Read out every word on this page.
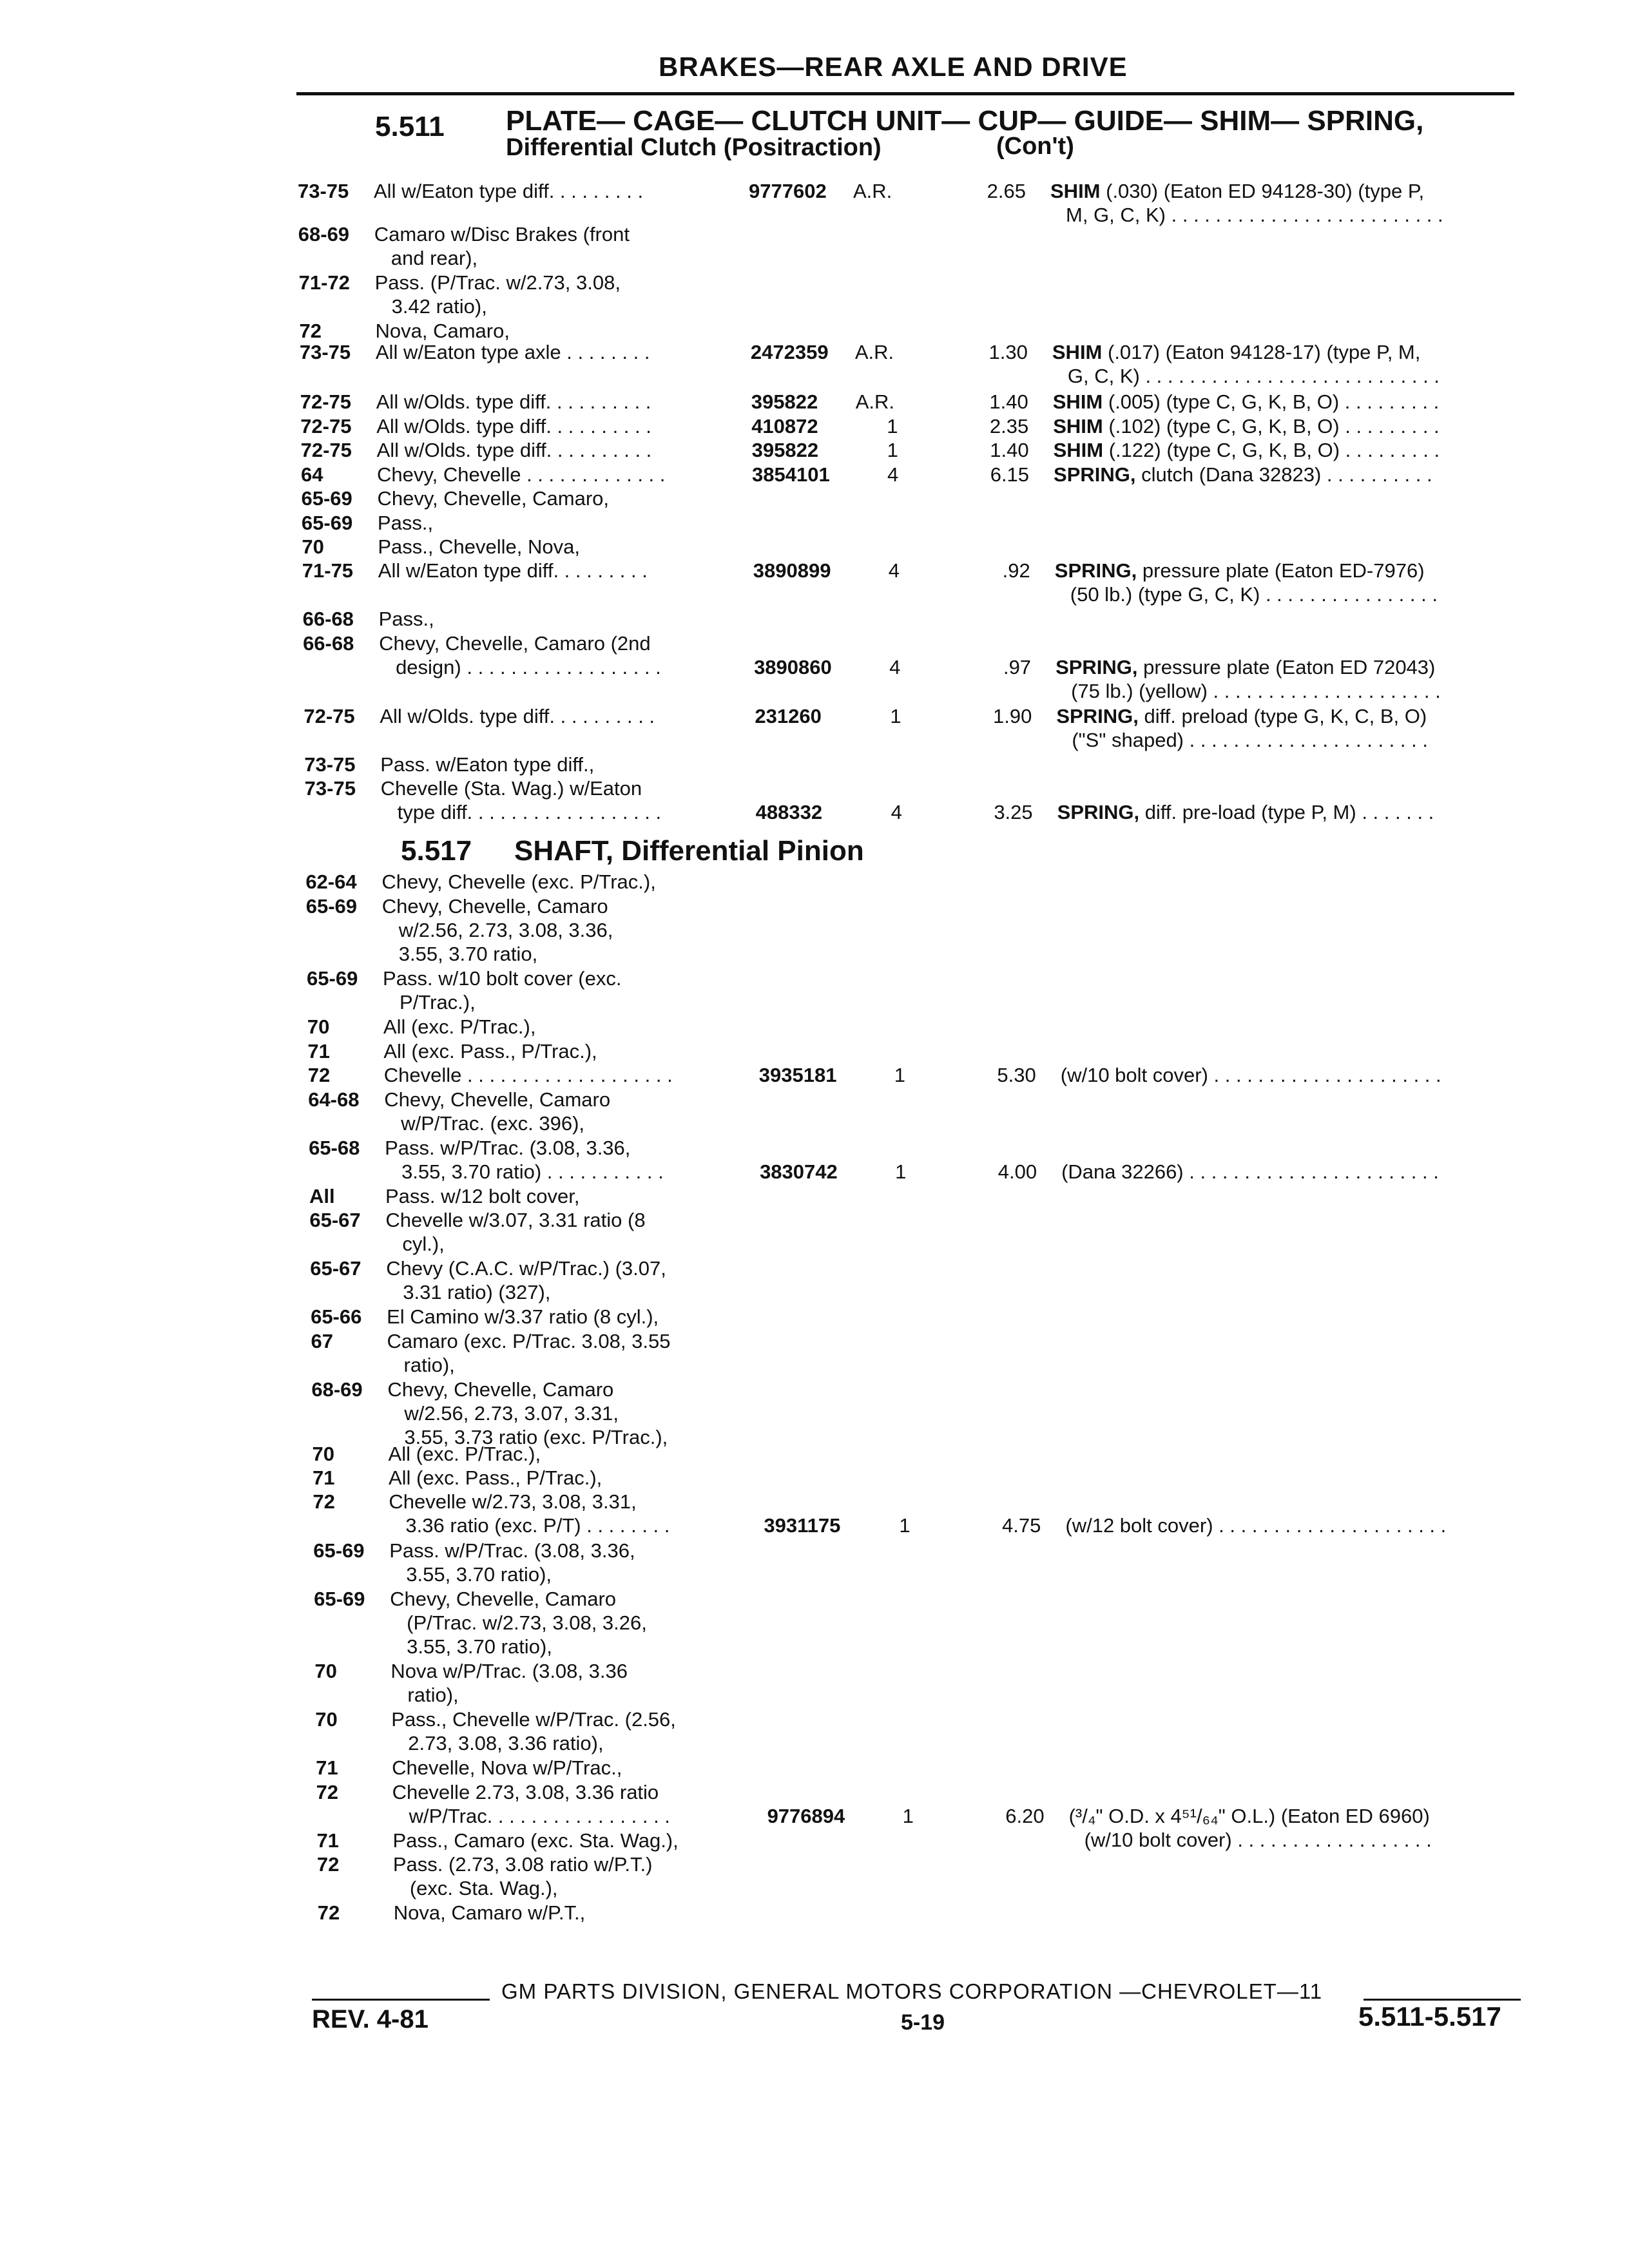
BRAKES—REAR AXLE AND DRIVE
5.511 PLATE— CAGE— CLUTCH UNIT— CUP— GUIDE— SHIM— SPRING,
Differential Clutch (Positraction)	(Con't)
5.517 SHAFT, Differential Pinion
73-75 All w/Eaton type diff. . . . . . . . .	9777602 A.R.	2.65 SHIM (.030) (Eaton ED 94128-30) (type P,
M, G, C, K) . . . . . . . . . . . . . . . . . . . . . . . . .
68-69 Camaro w/Disc Brakes (front
and rear),
71-72 Pass. (P/Trac. w/2.73, 3.08,
3.42 ratio),
72	Nova, Camaro,
73-75 All w/Eaton type axle . . . . . . . .	2472359 A.R.	1.30 SHIM (.017) (Eaton 94128-17) (type P, M,
G, C, K) . . . . . . . . . . . . . . . . . . . . . . . . . . .
72-75 All w/Olds. type diff. . . . . . . . . .	395822 A.R.	1.40 SHIM (.005) (type C, G, K, B, O) . . . . . . . . .
72-75 All w/Olds. type diff. . . . . . . . . .	410872	1	2.35 SHIM (.102) (type C, G, K, B, O) . . . . . . . . .
72-75 All w/Olds. type diff. . . . . . . . . .	395822	1	1.40 SHIM (.122) (type C, G, K, B, O) . . . . . . . . .
64	Chevy, Chevelle . . . . . . . . . . . . .	3854101	4	6.15 SPRING, clutch (Dana 32823) . . . . . . . . . .
65-69 Chevy, Chevelle, Camaro,
65-69 Pass.,
70	Pass., Chevelle, Nova,
71-75 All w/Eaton type diff. . . . . . . . .	3890899	4	.92 SPRING, pressure plate (Eaton ED-7976)
(50 lb.) (type G, C, K) . . . . . . . . . . . . . . . .
66-68 Pass.,
66-68 Chevy, Chevelle, Camaro (2nd
design) . . . . . . . . . . . . . . . . . .	3890860	4	.97 SPRING, pressure plate (Eaton ED 72043)
(75 lb.) (yellow) . . . . . . . . . . . . . . . . . . . . .
72-75 All w/Olds. type diff. . . . . . . . . .	231260	1	1.90 SPRING, diff. preload (type G, K, C, B, O)
("S" shaped) . . . . . . . . . . . . . . . . . . . . . .
73-75 Pass. w/Eaton type diff.,
73-75 Chevelle (Sta. Wag.) w/Eaton
type diff. . . . . . . . . . . . . . . . . .	488332	4	3.25 SPRING, diff. pre-load (type P, M) . . . . . . .
62-64 Chevy, Chevelle (exc. P/Trac.),
65-69 Chevy, Chevelle, Camaro
w/2.56, 2.73, 3.08, 3.36,
3.55, 3.70 ratio,
65-69 Pass. w/10 bolt cover (exc.
P/Trac.),
70	All (exc. P/Trac.),
71	All (exc. Pass., P/Trac.),
72	Chevelle . . . . . . . . . . . . . . . . . . .	3935181	1	5.30 (w/10 bolt cover) . . . . . . . . . . . . . . . . . . . . .
64-68 Chevy, Chevelle, Camaro
w/P/Trac. (exc. 396),
65-68 Pass. w/P/Trac. (3.08, 3.36,
3.55, 3.70 ratio) . . . . . . . . . . .	3830742	1	4.00 (Dana 32266) . . . . . . . . . . . . . . . . . . . . . . .
All	Pass. w/12 bolt cover,
65-67 Chevelle w/3.07, 3.31 ratio (8
cyl.),
65-67 Chevy (C.A.C. w/P/Trac.) (3.07,
3.31 ratio) (327),
65-66 El Camino w/3.37 ratio (8 cyl.),
67	Camaro (exc. P/Trac. 3.08, 3.55
ratio),
68-69 Chevy, Chevelle, Camaro
w/2.56, 2.73, 3.07, 3.31,
3.55, 3.73 ratio (exc. P/Trac.),
70	All (exc. P/Trac.),
71	All (exc. Pass., P/Trac.),
72	Chevelle w/2.73, 3.08, 3.31,
3.36 ratio (exc. P/T) . . . . . . . .	3931175	1	4.75 (w/12 bolt cover) . . . . . . . . . . . . . . . . . . . . .
65-69 Pass. w/P/Trac. (3.08, 3.36,
3.55, 3.70 ratio),
65-69 Chevy, Chevelle, Camaro
(P/Trac. w/2.73, 3.08, 3.26,
3.55, 3.70 ratio),
70	Nova w/P/Trac. (3.08, 3.36
ratio),
70	Pass., Chevelle w/P/Trac. (2.56,
2.73, 3.08, 3.36 ratio),
71	Chevelle, Nova w/P/Trac.,
72	Chevelle 2.73, 3.08, 3.36 ratio
w/P/Trac. . . . . . . . . . . . . . . . .	9776894	1	6.20 (³/₄" O.D. x 4⁵¹/₆₄" O.L.) (Eaton ED 6960)
(w/10 bolt cover) . . . . . . . . . . . . . . . . . .
71	Pass., Camaro (exc. Sta. Wag.),
72	Pass. (2.73, 3.08 ratio w/P.T.)
(exc. Sta. Wag.),
72	Nova, Camaro w/P.T.,
GM PARTS DIVISION, GENERAL MOTORS CORPORATION —CHEVROLET—11
REV. 4-81	5-19	5.511-5.517
